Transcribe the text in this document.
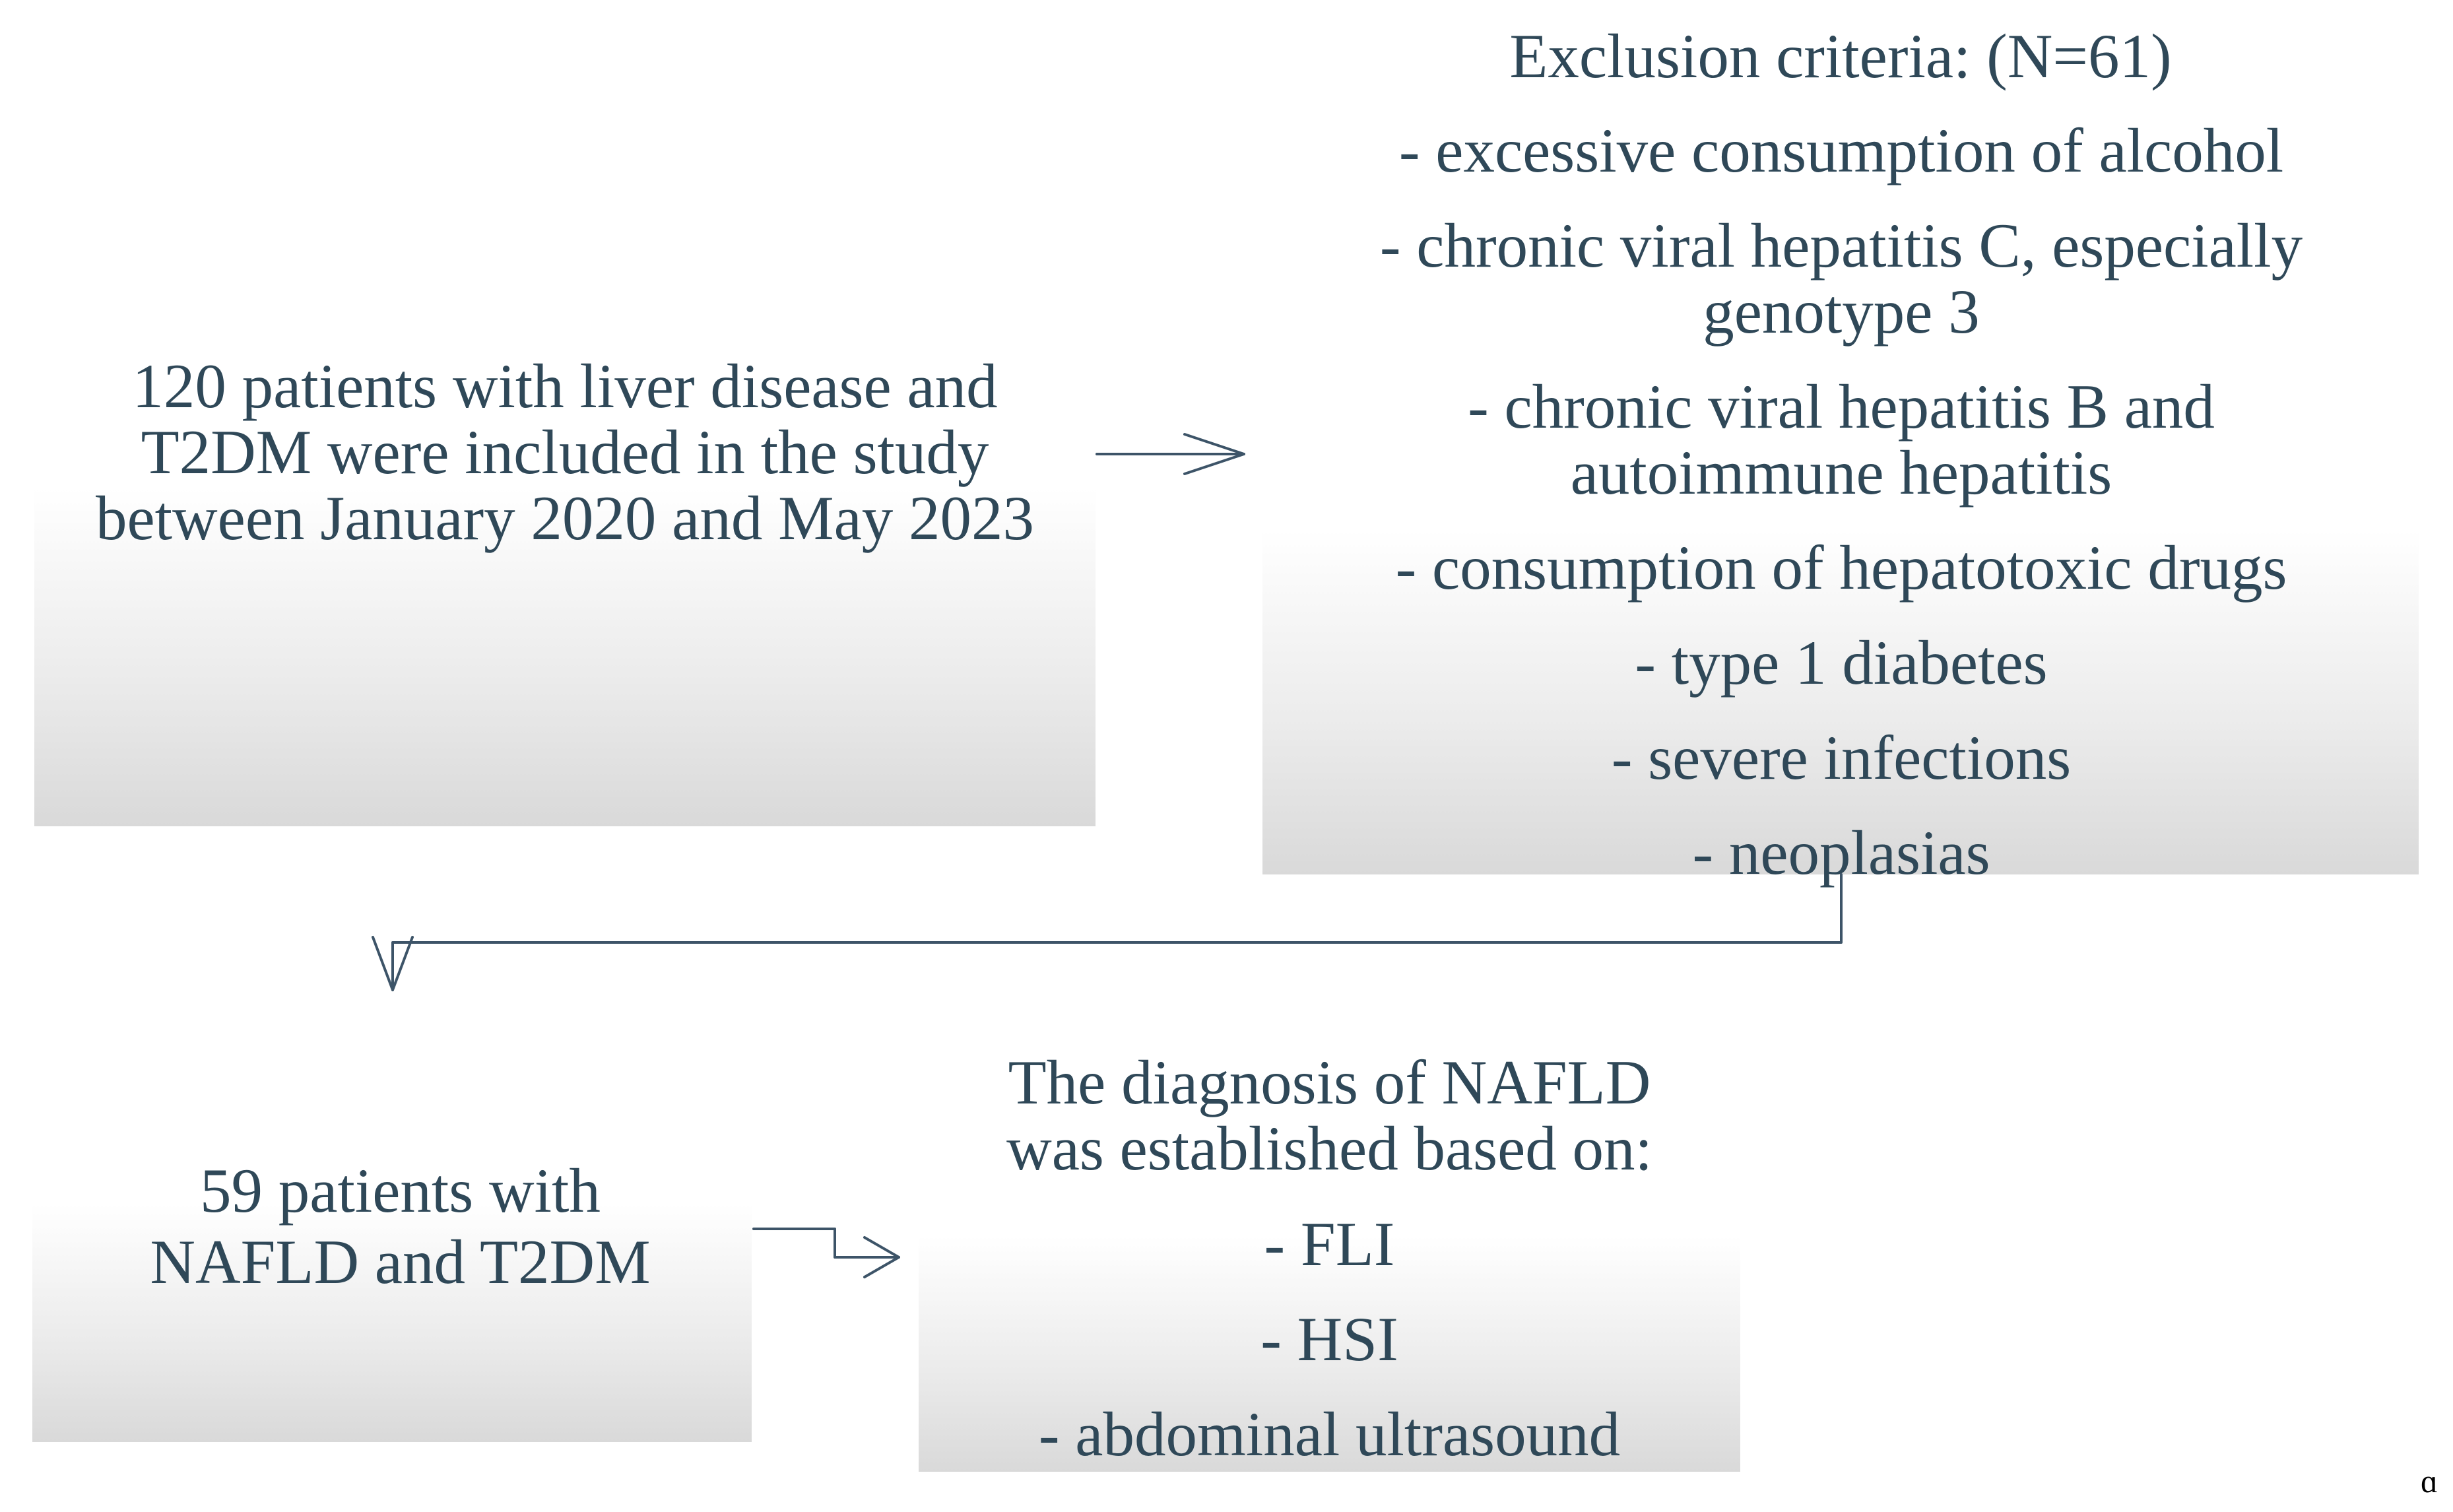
120 patients with liver disease and
T2DM were included in the study
between January 2020 and May 2023
Exclusion criteria: (N=61)
- excessive consumption of alcohol
- chronic viral hepatitis C, especially genotype 3
- chronic viral hepatitis B and autoimmune hepatitis
- consumption of hepatotoxic drugs
- type 1 diabetes
- severe infections
- neoplasias
59 patients with
NAFLD and T2DM
The diagnosis of NAFLD
was established based on:
- FLI
- HSI
- abdominal ultrasound
ɑ
